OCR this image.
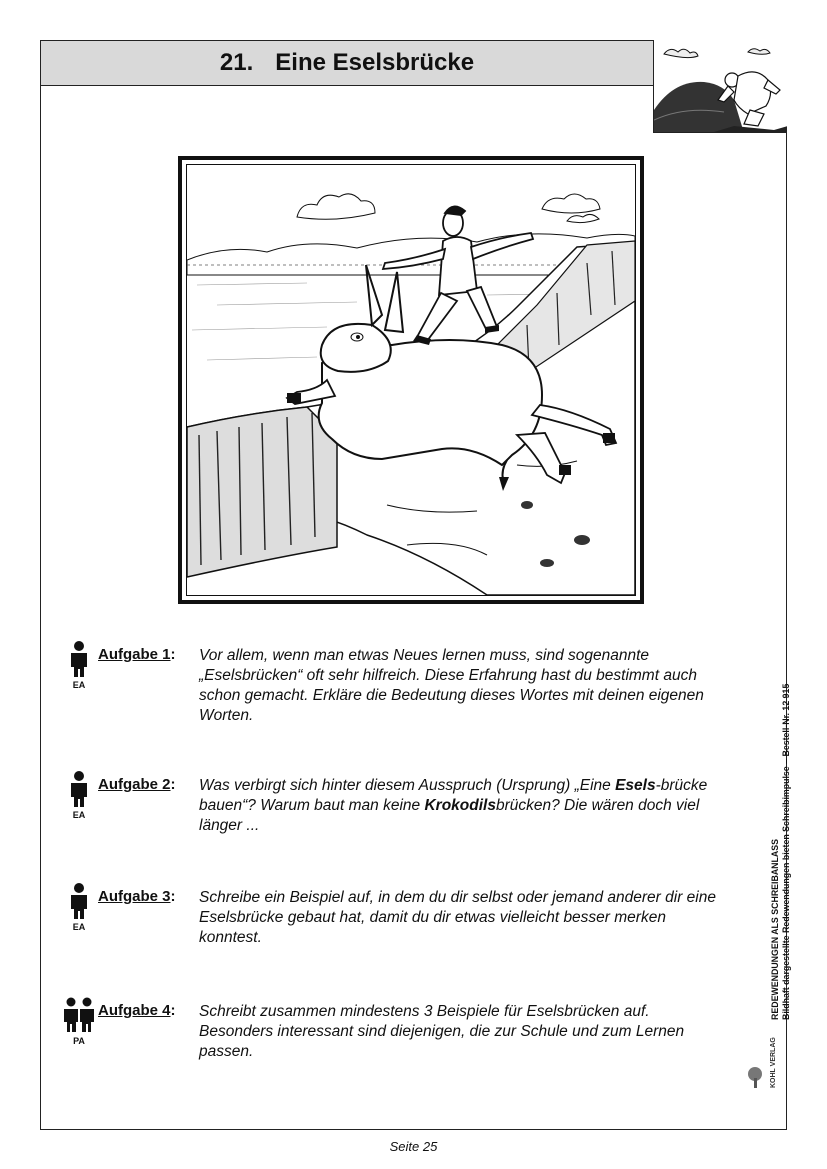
21. Eine Eselsbrücke
EA
Aufgabe 1: Vor allem, wenn man etwas Neues lernen muss, sind sogenannte „Eselsbrücken“ oft sehr hilfreich. Diese Erfahrung hast du bestimmt auch schon gemacht. Erkläre die Bedeutung dieses Wortes mit deinen eigenen Worten.
EA
Aufgabe 2: Was verbirgt sich hinter diesem Ausspruch (Ursprung) „Eine Esels-brücke bauen“? Warum baut man keine Krokodilsbrücken? Die wären doch viel länger ...
EA
Aufgabe 3: Schreibe ein Beispiel auf, in dem du dir selbst oder jemand anderer dir eine Eselsbrücke gebaut hat, damit du dir etwas vielleicht besser merken konntest.
PA
Aufgabe 4: Schreibt zusammen mindestens 3 Beispiele für Eselsbrücken auf. Besonders interessant sind diejenigen, die zur Schule und zum Lernen passen.
REDEWENDUNGEN ALS SCHREIBANLASS Bildhaft dargestellte Redewendungen bieten Schreibimpulse – Bestell-Nr. 12 915
KOHL VERLAG
Seite 25
